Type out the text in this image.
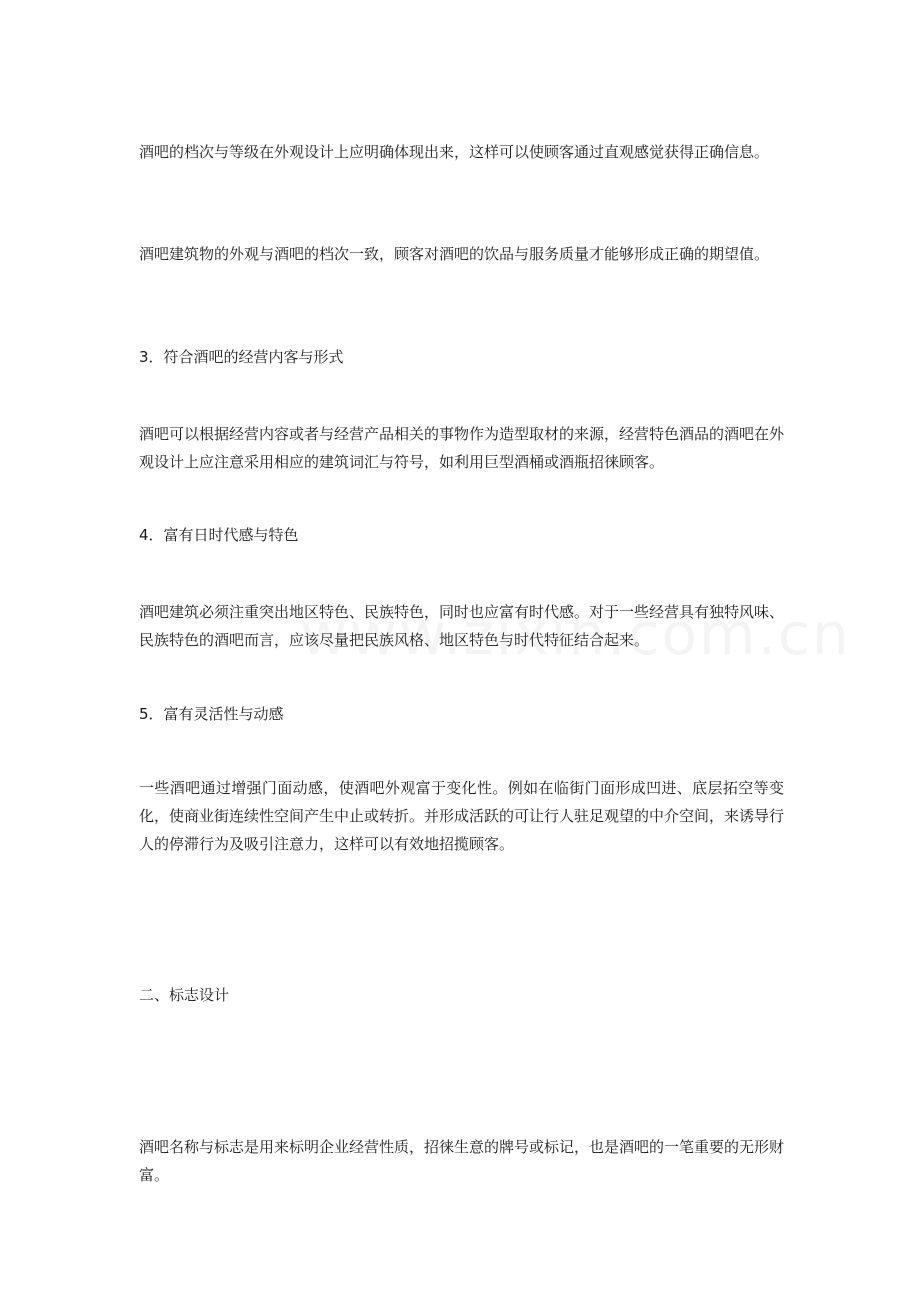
酒吧的档次与等级在外观设计上应明确体现出来，这样可以使顾客通过直观感觉获得正确信息。

酒吧建筑物的外观与酒吧的档次一致，顾客对酒吧的饮品与服务质量才能够形成正确的期望值。

3．符合酒吧的经营内客与形式

酒吧可以根据经营内容或者与经营产品相关的事物作为造型取材的来源，经营特色酒品的酒吧在外观设计上应注意采用相应的建筑词汇与符号，如利用巨型酒桶或酒瓶招徕顾客。

4．富有日时代感与特色

酒吧建筑必须注重突出地区特色、民族特色，同时也应富有时代感。对于一些经营具有独特风味、民族特色的酒吧而言，应该尽量把民族风格、地区特色与时代特征结合起来。

5．富有灵活性与动感

一些酒吧通过增强门面动感，使酒吧外观富于变化性。例如在临街门面形成凹进、底层拓空等变化，使商业街连续性空间产生中止或转折。并形成活跃的可让行人驻足观望的中介空间，来诱导行人的停滞行为及吸引注意力，这样可以有效地招揽顾客。

二、标志设计

酒吧名称与标志是用来标明企业经营性质，招徕生意的牌号或标记，也是酒吧的一笔重要的无形财富。
